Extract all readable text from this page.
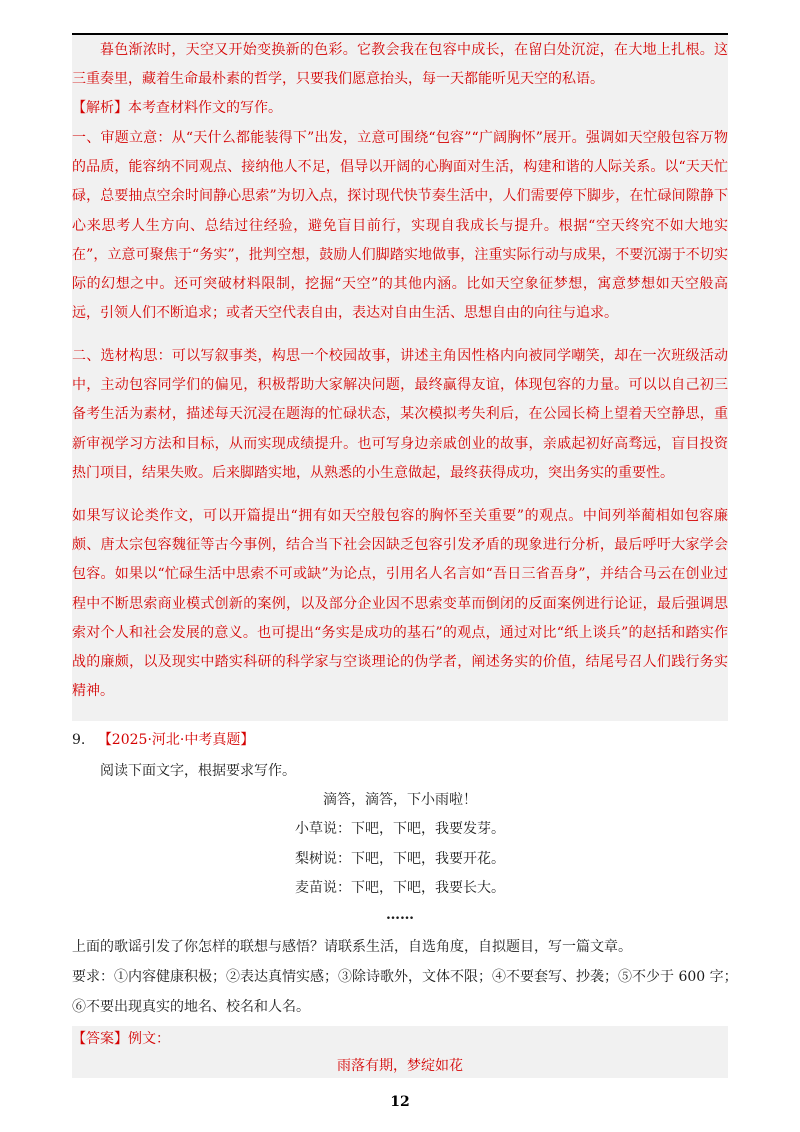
暮色渐浓时，天空又开始变换新的色彩。它教会我在包容中成长，在留白处沉淀，在大地上扎根。这三重奏里，藏着生命最朴素的哲学，只要我们愿意抬头，每一天都能听见天空的私语。

【解析】本考查材料作文的写作。

一、审题立意：从“天什么都能装得下”出发，立意可围绕“包容”“广阔胸怀”展开。强调如天空般包容万物的品质，能容纳不同观点、接纳他人不足，倡导以开阔的心胸面对生活，构建和谐的人际关系。以“天天忙碌，总要抽点空余时间静心思索”为切入点，探讨现代快节奏生活中，人们需要停下脚步，在忙碌间隙静下心来思考人生方向、总结过往经验，避免盲目前行，实现自我成长与提升。根据“空天终究不如大地实在”，立意可聚焦于“务实”，批判空想，鼓励人们脚踏实地做事，注重实际行动与成果，不要沉溺于不切实际的幻想之中。还可突破材料限制，挖掘“天空”的其他内涵。比如天空象征梦想，寓意梦想如天空般高远，引领人们不断追求；或者天空代表自由，表达对自由生活、思想自由的向往与追求。

二、选材构思：可以写叙事类，构思一个校园故事，讲述主角因性格内向被同学嘲笑，却在一次班级活动中，主动包容同学们的偏见，积极帮助大家解决问题，最终赢得友谊，体现包容的力量。可以以自己初三备考生活为素材，描述每天沉浸在题海的忙碌状态，某次模拟考失利后，在公园长椅上望着天空静思，重新审视学习方法和目标，从而实现成绩提升。也可写身边亲戚创业的故事，亲戚起初好高骛远，盲目投资热门项目，结果失败。后来脚踏实地，从熟悉的小生意做起，最终获得成功，突出务实的重要性。

如果写议论类作文，可以开篇提出“拥有如天空般包容的胸怀至关重要”的观点。中间列举蔺相如包容廉颇、唐太宗包容魏征等古今事例，结合当下社会因缺乏包容引发矛盾的现象进行分析，最后呼吁大家学会包容。如果以“忙碌生活中思索不可或缺”为论点，引用名人名言如“吾日三省吾身”，并结合马云在创业过程中不断思索商业模式创新的案例，以及部分企业因不思索变革而倒闭的反面案例进行论证，最后强调思索对个人和社会发展的意义。也可提出“务实是成功的基石”的观点，通过对比“纸上谈兵”的赵括和踏实作战的廉颇，以及现实中踏实科研的科学家与空谈理论的伪学者，阐述务实的价值，结尾号召人们践行务实精神。

9. 【2025·河北·中考真题】

阅读下面文字，根据要求写作。

滴答，滴答，下小雨啦！

小草说：下吧，下吧，我要发芽。

梨树说：下吧，下吧，我要开花。

麦苗说：下吧，下吧，我要长大。

……

上面的歌谣引发了你怎样的联想与感悟？请联系生活，自选角度，自拟题目，写一篇文章。

要求：①内容健康积极；②表达真情实感；③除诗歌外，文体不限；④不要套写、抄袭；⑤不少于 600 字；

⑥不要出现真实的地名、校名和人名。

【答案】例文：

雨落有期，梦绽如花

12
